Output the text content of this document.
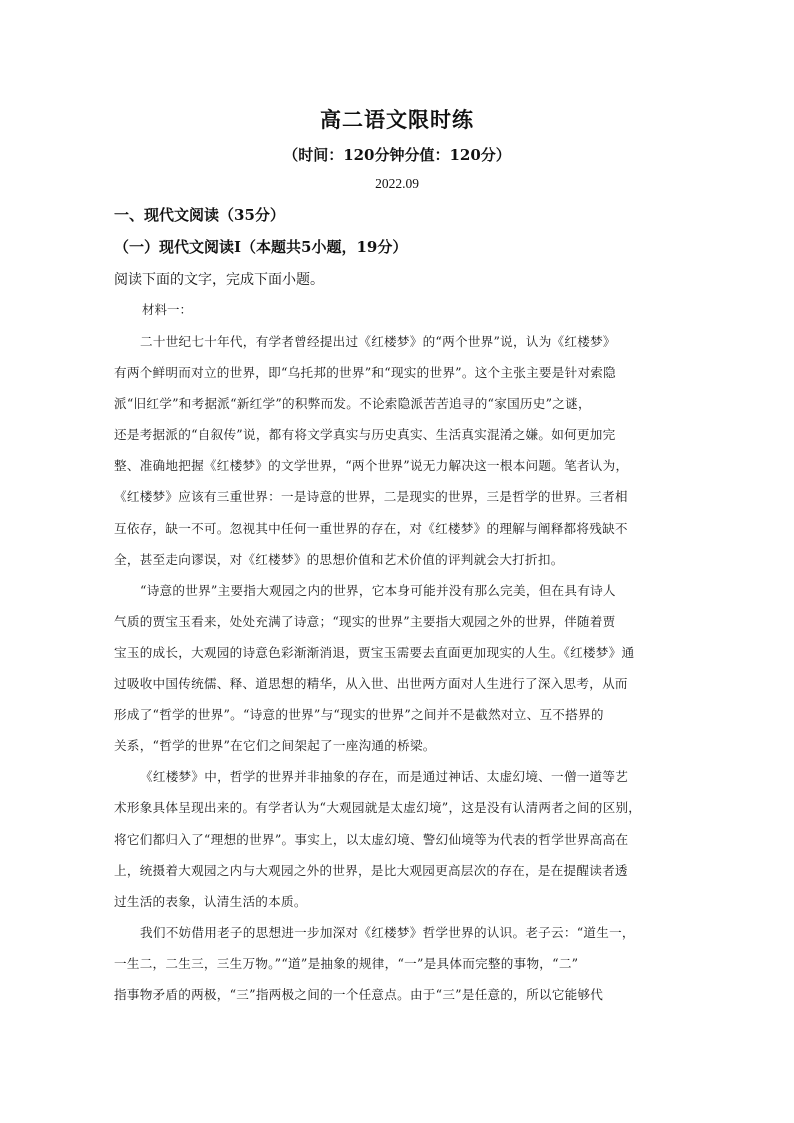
高二语文限时练
（时间：120分钟分值：120分）
2022.09
一、现代文阅读（35分）
（一）现代文阅读Ⅰ（本题共5小题，19分）
阅读下面的文字，完成下面小题。
材料一：
二十世纪七十年代，有学者曾经提出过《红楼梦》的“两个世界”说，认为《红楼梦》
有两个鲜明而对立的世界，即“乌托邦的世界”和“现实的世界”。这个主张主要是针对索隐
派“旧红学”和考据派“新红学”的积弊而发。不论索隐派苦苦追寻的“家国历史”之谜，
还是考据派的“自叙传”说，都有将文学真实与历史真实、生活真实混淆之嫌。如何更加完
整、准确地把握《红楼梦》的文学世界，“两个世界”说无力解决这一根本问题。笔者认为，
《红楼梦》应该有三重世界：一是诗意的世界，二是现实的世界，三是哲学的世界。三者相
互依存，缺一不可。忽视其中任何一重世界的存在，对《红楼梦》的理解与阐释都将残缺不
全，甚至走向谬误，对《红楼梦》的思想价值和艺术价值的评判就会大打折扣。
“诗意的世界”主要指大观园之内的世界，它本身可能并没有那么完美，但在具有诗人
气质的贾宝玉看来，处处充满了诗意；“现实的世界”主要指大观园之外的世界，伴随着贾
宝玉的成长，大观园的诗意色彩渐渐消退，贾宝玉需要去直面更加现实的人生。《红楼梦》通
过吸收中国传统儒、释、道思想的精华，从入世、出世两方面对人生进行了深入思考，从而
形成了“哲学的世界”。“诗意的世界”与“现实的世界”之间并不是截然对立、互不搭界的
关系，“哲学的世界”在它们之间架起了一座沟通的桥梁。
《红楼梦》中，哲学的世界并非抽象的存在，而是通过神话、太虚幻境、一僧一道等艺
术形象具体呈现出来的。有学者认为“大观园就是太虚幻境”，这是没有认清两者之间的区别，
将它们都归入了“理想的世界”。事实上，以太虚幻境、警幻仙境等为代表的哲学世界高高在
上，统摄着大观园之内与大观园之外的世界，是比大观园更高层次的存在，是在提醒读者透
过生活的表象，认清生活的本质。
我们不妨借用老子的思想进一步加深对《红楼梦》哲学世界的认识。老子云：“道生一，
一生二，二生三，三生万物。”“道”是抽象的规律，“一”是具体而完整的事物，“二”
指事物矛盾的两极，“三”指两极之间的一个任意点。由于“三”是任意的，所以它能够代
